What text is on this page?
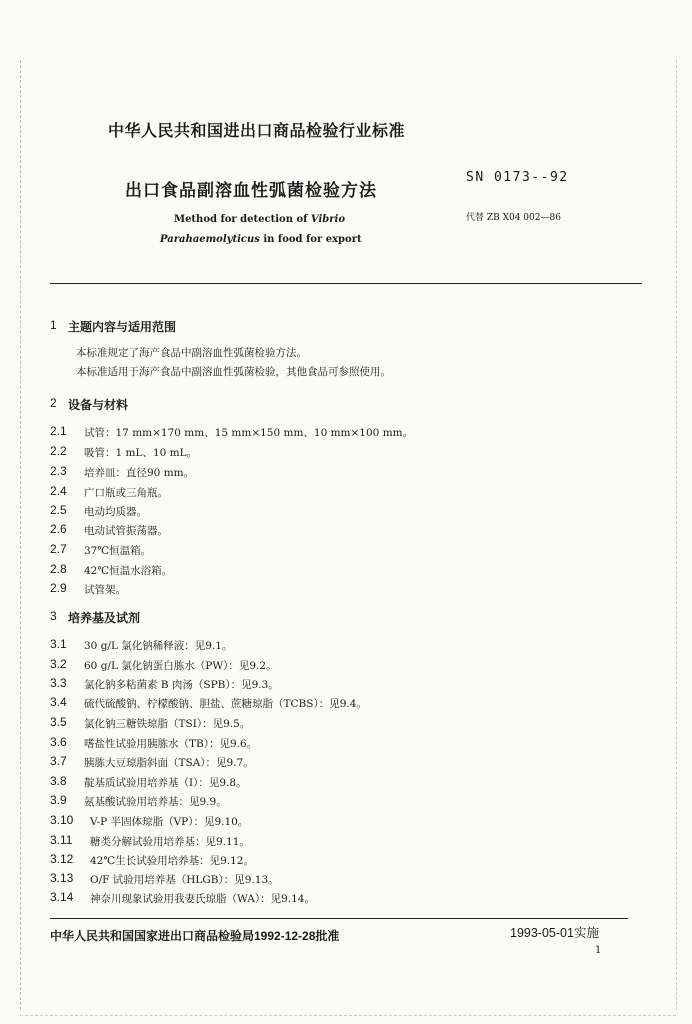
中华人民共和国进出口商品检验行业标准
出口食品副溶血性弧菌检验方法
SN 0173--92
代替 ZB X04 002—86
Method for detection of Vibrio
Parahaemolyticus in food for export
1 主题内容与适用范围
本标准规定了海产食品中副溶血性弧菌检验方法。
本标准适用于海产食品中副溶血性弧菌检验，其他食品可参照使用。
2 设备与材料
2.1 试管：17 mm×170 mm、15 mm×150 mm、10 mm×100 mm。
2.2 吸管：1 mL、10 mL。
2.3 培养皿：直径90 mm。
2.4 广口瓶或三角瓶。
2.5 电动均质器。
2.6 电动试管振荡器。
2.7 37℃恒温箱。
2.8 42℃恒温水浴箱。
2.9 试管架。
3 培养基及试剂
3.1 30 g/L 氯化钠稀释液：见9.1。
3.2 60 g/L 氯化钠蛋白胨水（PW）：见9.2。
3.3 氯化钠多粘菌素 B 肉汤（SPB）：见9.3。
3.4 硫代硫酸钠、柠檬酸钠、胆盐、蔗糖琼脂（TCBS）：见9.4。
3.5 氯化钠三糖铁琼脂（TSI）：见9.5。
3.6 嗜盐性试验用胰胨水（TB）：见9.6。
3.7 胰胨大豆琼脂斜面（TSA）：见9.7。
3.8 靛基质试验用培养基（I）：见9.8。
3.9 氨基酸试验用培养基：见9.9。
3.10 V-P 半固体琼脂（VP）：见9.10。
3.11 糖类分解试验用培养基：见9.11。
3.12 42℃生长试验用培养基：见9.12。
3.13 O/F 试验用培养基（HLGB）：见9.13。
3.14 神奈川现象试验用我妻氏琼脂（WA）：见9.14。
中华人民共和国国家进出口商品检验局1992-12-28批准	1993-05-01实施
1
